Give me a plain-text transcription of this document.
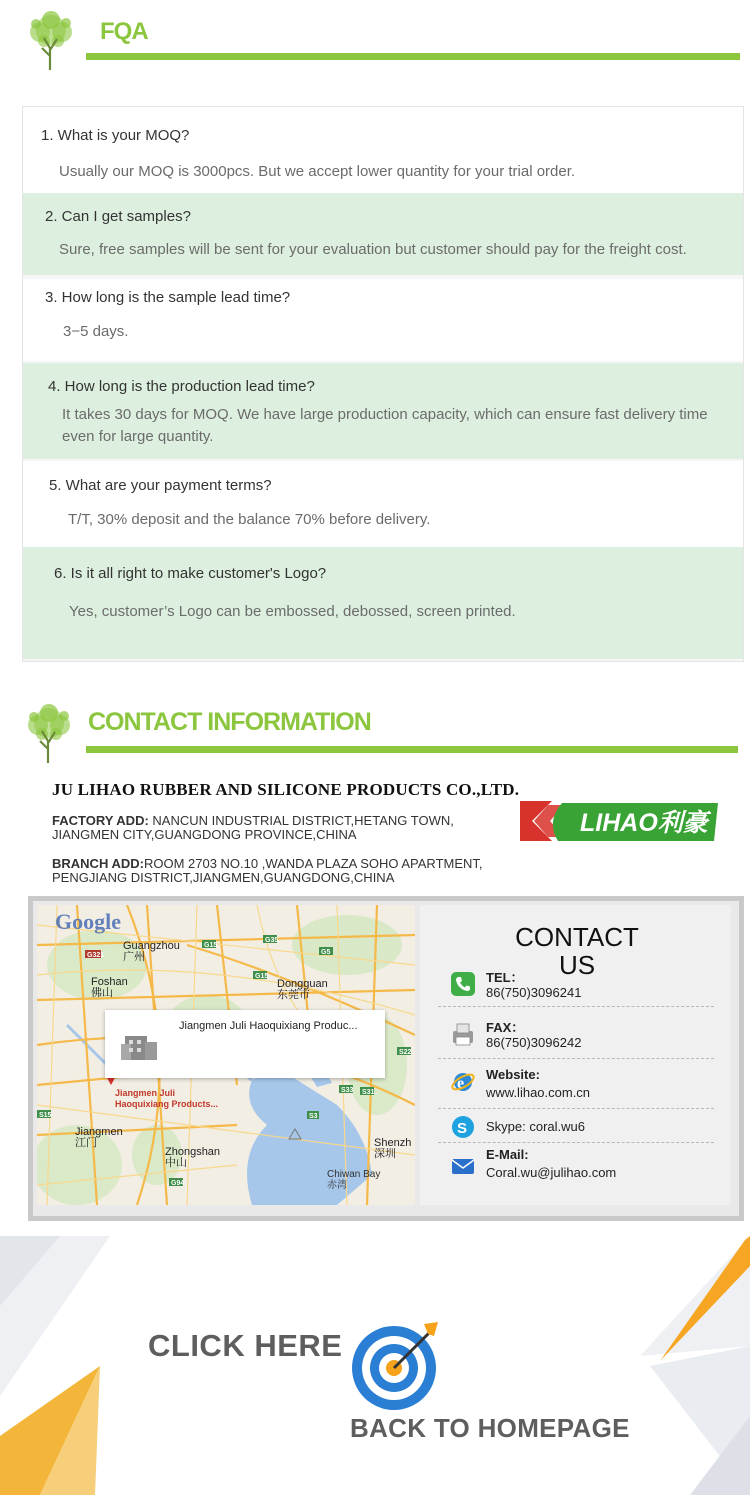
FQA
1. What is your MOQ?
Usually our MOQ is 3000pcs. But we accept lower quantity for your trial order.
2. Can I get samples?
Sure, free samples will be sent for your evaluation but customer should pay for the freight cost.
3. How long is the sample lead time?
3−5 days.
4. How long is the production lead time?
It takes 30 days for MOQ. We have large production capacity, which can ensure fast delivery time even for large quantity.
5. What are your payment terms?
T/T, 30% deposit and the balance 70% before delivery.
6. Is it all right to make customer's Logo?
Yes, customer’s Logo can be embossed, debossed, screen printed.
CONTACT INFORMATION
JU LIHAO RUBBER AND SILICONE PRODUCTS CO.,LTD.
FACTORY ADD: NANCUN INDUSTRIAL DISTRICT,HETANG TOWN, JIANGMEN CITY,GUANGDONG PROVINCE,CHINA
BRANCH ADD:ROOM 2703 NO.10 ,WANDA PLAZA SOHO APARTMENT, PENGJIANG DISTRICT,JIANGMEN,GUANGDONG,CHINA
LIHAO利豪
G15
G35
G5
G15
S22
S33 S31
S15	S3
G94
G321
Google
Guangzhou
广州
Foshan
佛山
Dongguan
东莞市
Jiangmen
江门
Zhongshan
中山
Shenzh
深圳
Chiwan Bay
赤湾
Jiangmen Juli
Haoquixiang Products...
Jiangmen Juli Haoquixiang Produc...
CONTACT
US
TEL：
86(750)3096241
FAX：
86(750)3096242
e
Website:
www.lihao.com.cn
S Skype: coral.wu6
E-Mail:
Coral.wu@julihao.com
CLICK HERE
BACK TO HOMEPAGE
